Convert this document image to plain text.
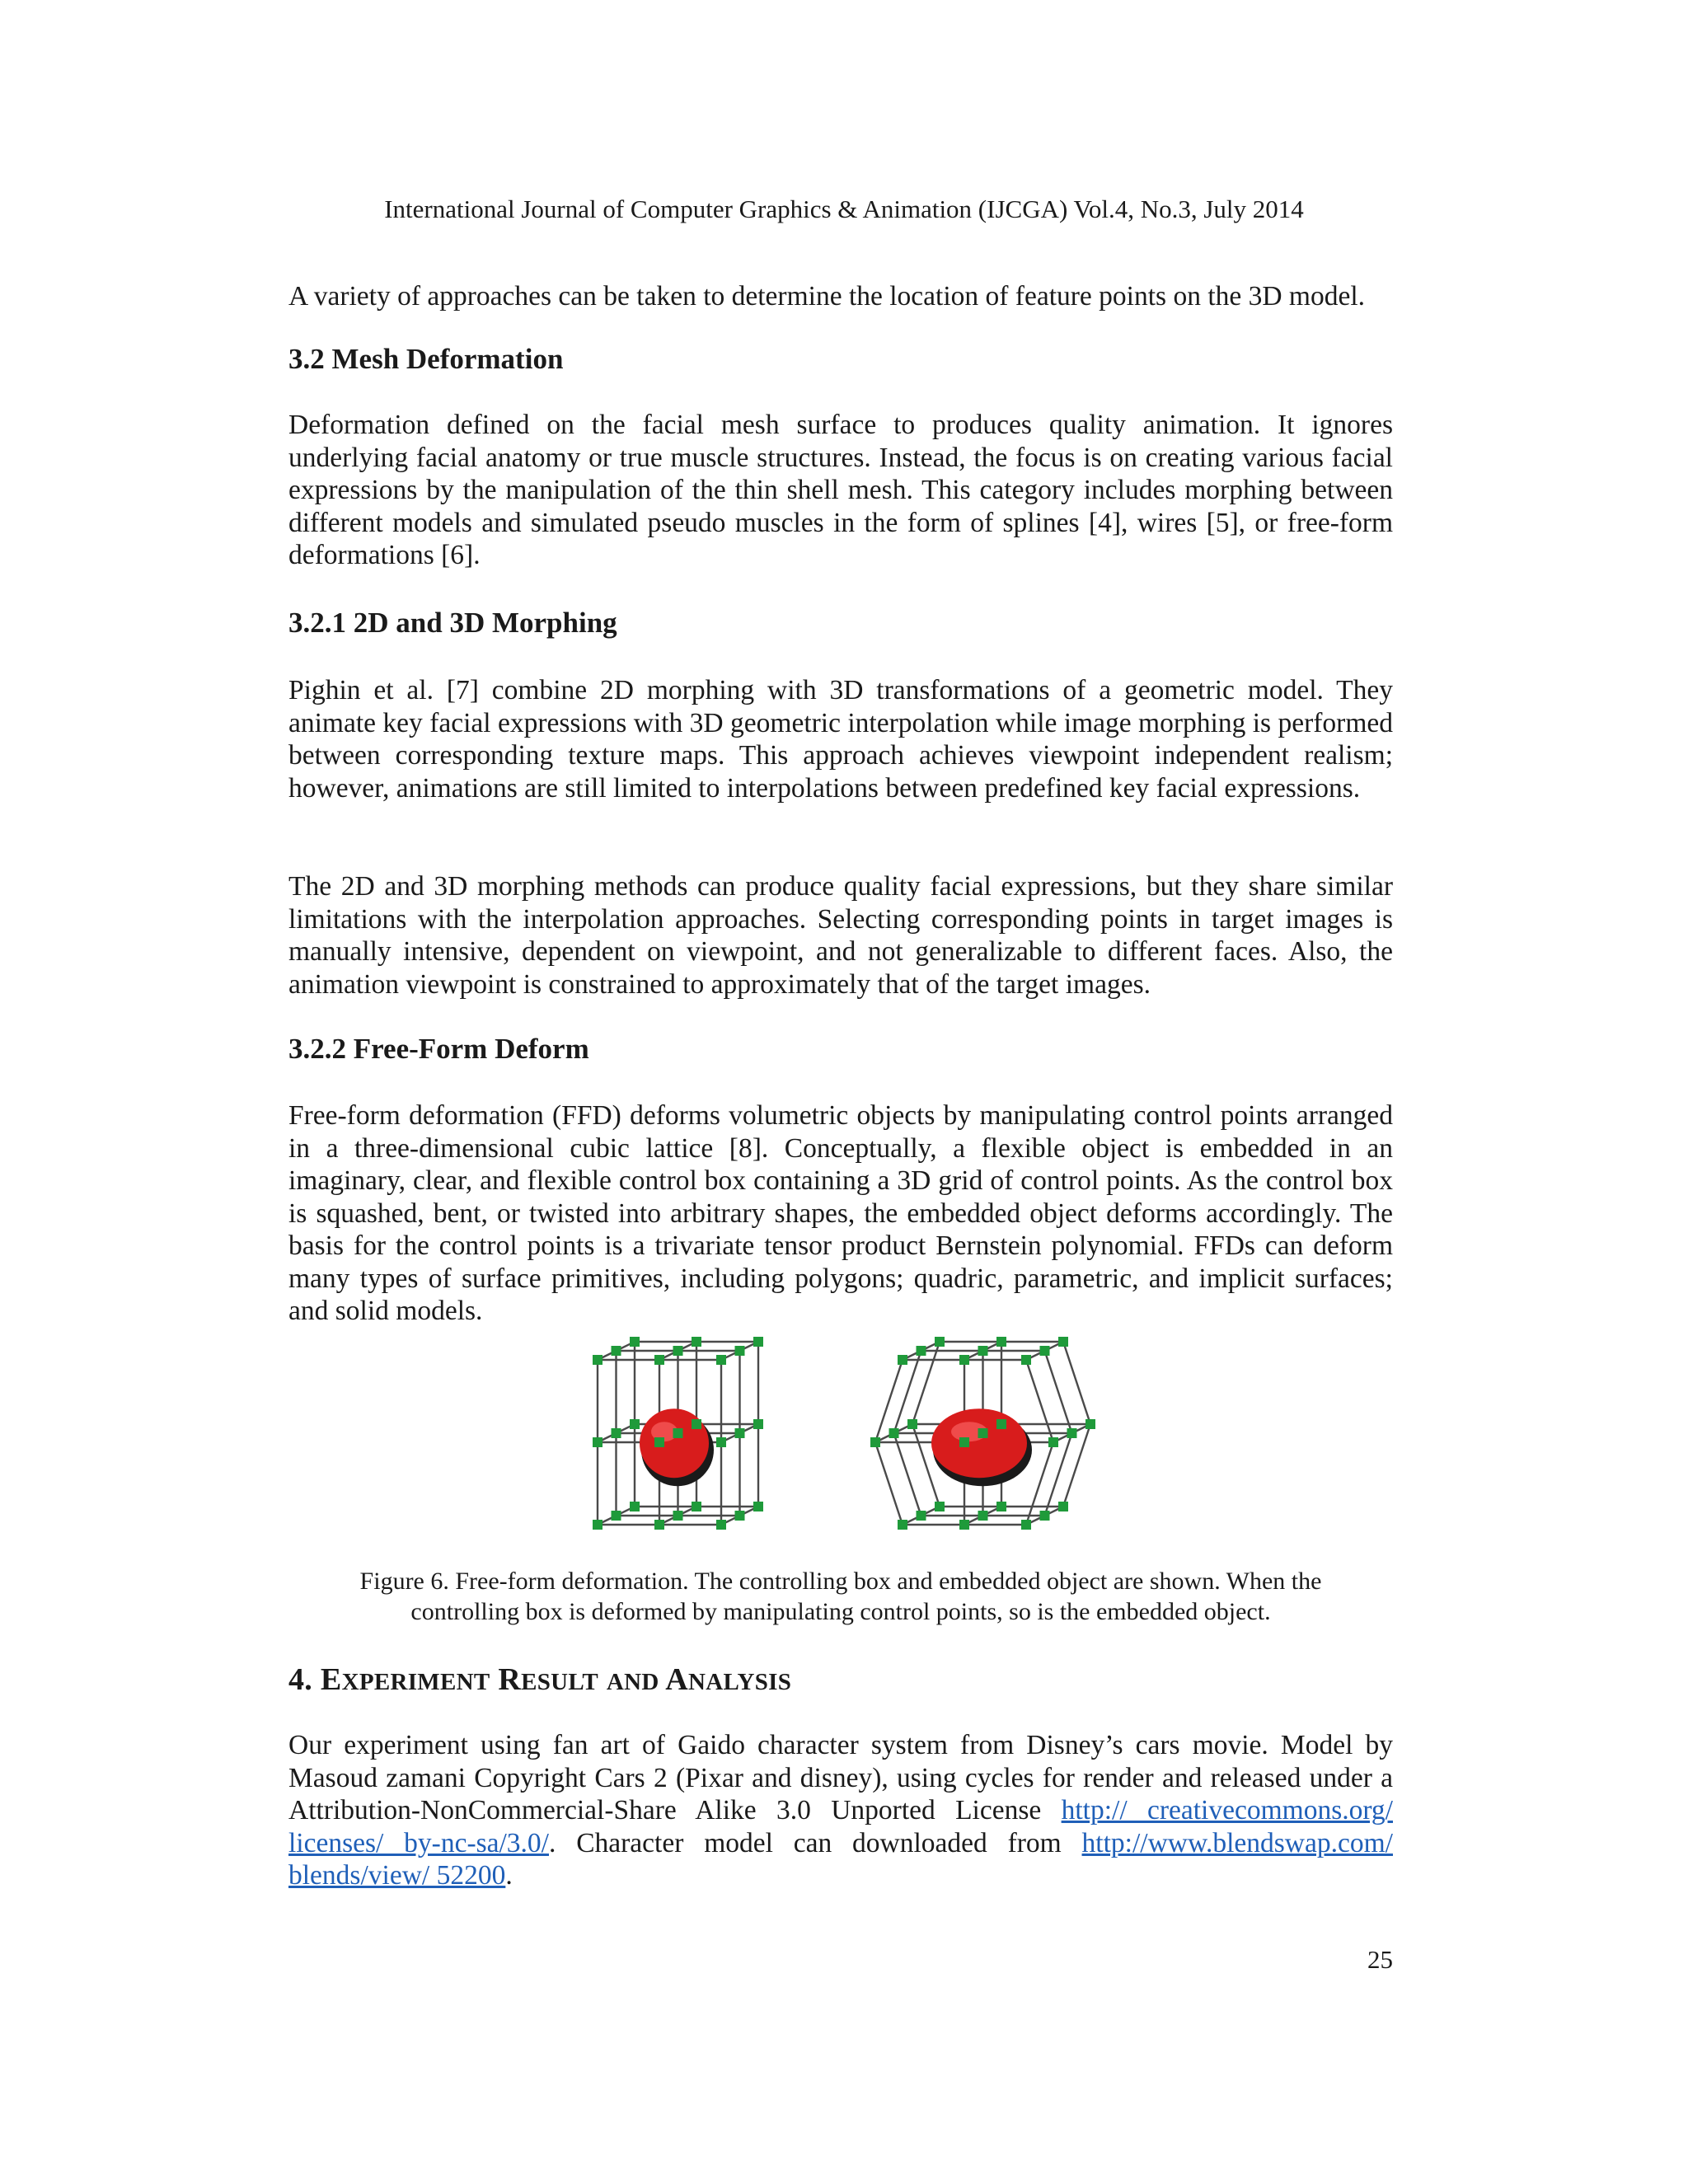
International Journal of Computer Graphics & Animation (IJCGA) Vol.4, No.3, July 2014

A variety of approaches can be taken to determine the location of feature points on the 3D model.

3.2 Mesh Deformation

Deformation defined on the facial mesh surface to produces quality animation. It ignores underlying facial anatomy or true muscle structures. Instead, the focus is on creating various facial expressions by the manipulation of the thin shell mesh. This category includes morphing between different models and simulated pseudo muscles in the form of splines [4], wires [5], or free-form deformations [6].

3.2.1 2D and 3D Morphing

Pighin et al. [7] combine 2D morphing with 3D transformations of a geometric model. They animate key facial expressions with 3D geometric interpolation while image morphing is performed between corresponding texture maps. This approach achieves viewpoint independent realism; however, animations are still limited to interpolations between predefined key facial expressions.

The 2D and 3D morphing methods can produce quality facial expressions, but they share similar limitations with the interpolation approaches. Selecting corresponding points in target images is manually intensive, dependent on viewpoint, and not generalizable to different faces. Also, the animation viewpoint is constrained to approximately that of the target images.

3.2.2 Free-Form Deform

Free-form deformation (FFD) deforms volumetric objects by manipulating control points arranged in a three-dimensional cubic lattice [8]. Conceptually, a flexible object is embedded in an imaginary, clear, and flexible control box containing a 3D grid of control points. As the control box is squashed, bent, or twisted into arbitrary shapes, the embedded object deforms accordingly. The basis for the control points is a trivariate tensor product Bernstein polynomial. FFDs can deform many types of surface primitives, including polygons; quadric, parametric, and implicit surfaces; and solid models.

Figure 6. Free-form deformation. The controlling box and embedded object are shown. When the

controlling box is deformed by manipulating control points, so is the embedded object.

4. EXPERIMENT RESULT AND ANALYSIS

Our experiment using fan art of Gaido character system from Disney’s cars movie. Model by Masoud zamani Copyright Cars 2 (Pixar and disney), using cycles for render and released under a Attribution-NonCommercial-Share Alike 3.0 Unported License http:// creativecommons.org/ licenses/ by-nc-sa/3.0/. Character model can downloaded from http://www.blendswap.com/ blends/view/ 52200.

25
